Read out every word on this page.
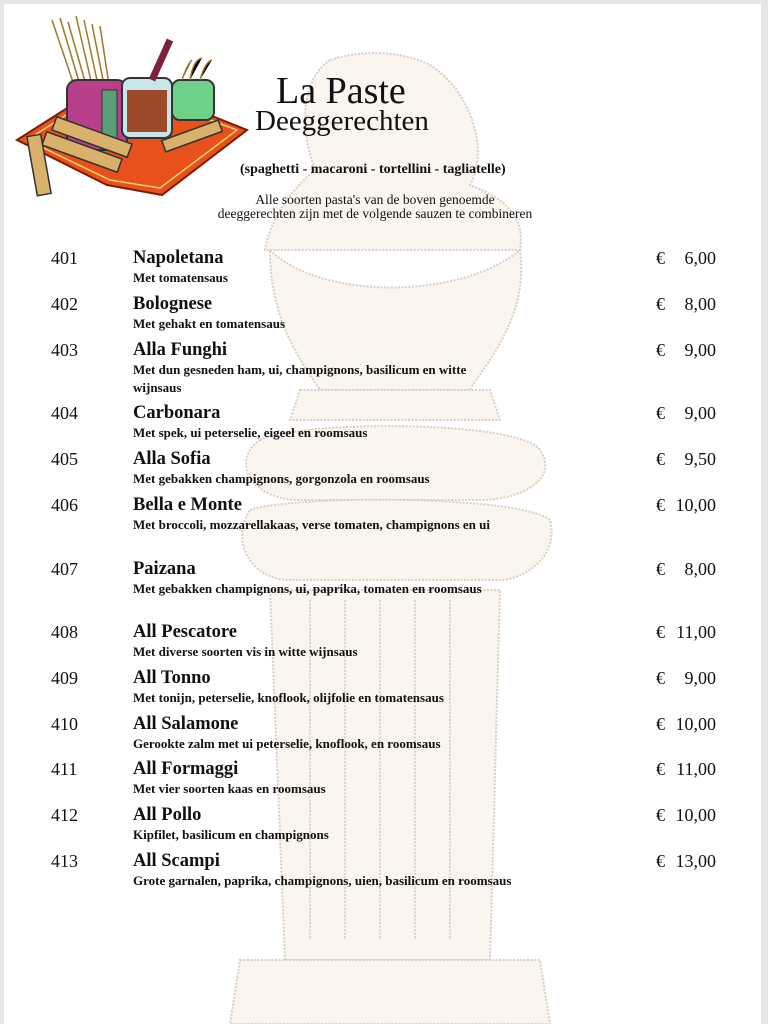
La Paste
Deeggerechten
(spaghetti - macaroni - tortellini - tagliatelle)
Alle soorten pasta's van de boven genoemde
deeggerechten zijn met de volgende sauzen te combineren
401	Napoletana
Met tomatensaus
€ 6,00
402	Bolognese
Met gehakt en tomatensaus
€ 8,00
403	Alla Funghi
Met dun gesneden ham, ui, champignons, basilicum en witte wijnsaus
€ 9,00
404	Carbonara
Met spek, ui peterselie, eigeel en roomsaus
€ 9,00
405	Alla Sofia
Met gebakken champignons, gorgonzola en roomsaus
€ 9,50
406	Bella e Monte
Met broccoli, mozzarellakaas, verse tomaten, champignons en ui
€ 10,00
407	Paizana
Met gebakken champignons, ui, paprika, tomaten en roomsaus
€ 8,00
408	All Pescatore
Met diverse soorten vis in witte wijnsaus
€ 11,00
409	All Tonno
Met tonijn, peterselie, knoflook, olijfolie en tomatensaus
€ 9,00
410	All Salamone
Gerookte zalm met ui peterselie, knoflook, en roomsaus
€ 10,00
411	All Formaggi
Met vier soorten kaas en roomsaus
€ 11,00
412	All Pollo
Kipfilet, basilicum en champignons
€ 10,00
413	All Scampi
Grote garnalen, paprika, champignons, uien, basilicum en roomsaus
€ 13,00
